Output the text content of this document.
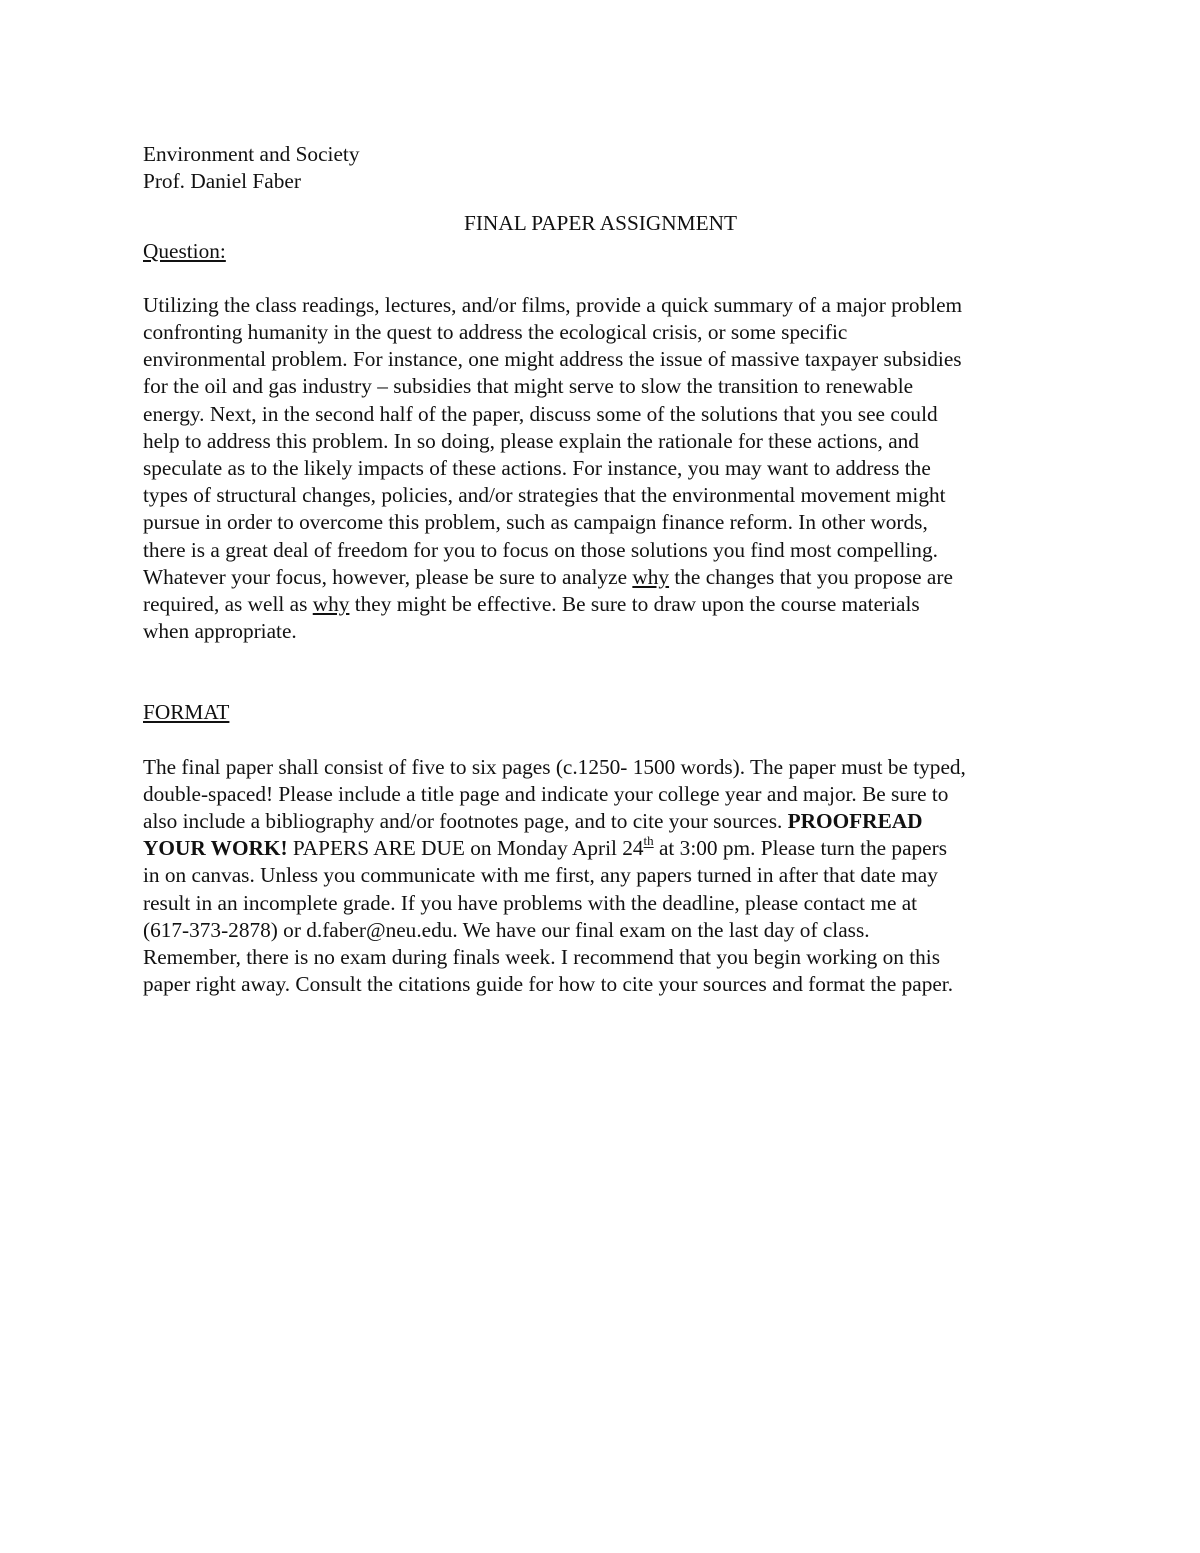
Environment and Society
Prof. Daniel Faber
FINAL PAPER ASSIGNMENT
Question:
Utilizing the class readings, lectures, and/or films, provide a quick summary of a major problem
confronting humanity in the quest to address the ecological crisis, or some specific
environmental problem. For instance, one might address the issue of massive taxpayer subsidies
for the oil and gas industry – subsidies that might serve to slow the transition to renewable
energy. Next, in the second half of the paper, discuss some of the solutions that you see could
help to address this problem. In so doing, please explain the rationale for these actions, and
speculate as to the likely impacts of these actions. For instance, you may want to address the
types of structural changes, policies, and/or strategies that the environmental movement might
pursue in order to overcome this problem, such as campaign finance reform. In other words,
there is a great deal of freedom for you to focus on those solutions you find most compelling.
Whatever your focus, however, please be sure to analyze why the changes that you propose are
required, as well as why they might be effective. Be sure to draw upon the course materials
when appropriate.
FORMAT
The final paper shall consist of five to six pages (c.1250- 1500 words). The paper must be typed,
double-spaced! Please include a title page and indicate your college year and major. Be sure to
also include a bibliography and/or footnotes page, and to cite your sources. PROOFREAD
YOUR WORK! PAPERS ARE DUE on Monday April 24th at 3:00 pm. Please turn the papers
in on canvas. Unless you communicate with me first, any papers turned in after that date may
result in an incomplete grade. If you have problems with the deadline, please contact me at
(617-373-2878) or d.faber@neu.edu. We have our final exam on the last day of class.
Remember, there is no exam during finals week. I recommend that you begin working on this
paper right away. Consult the citations guide for how to cite your sources and format the paper.
